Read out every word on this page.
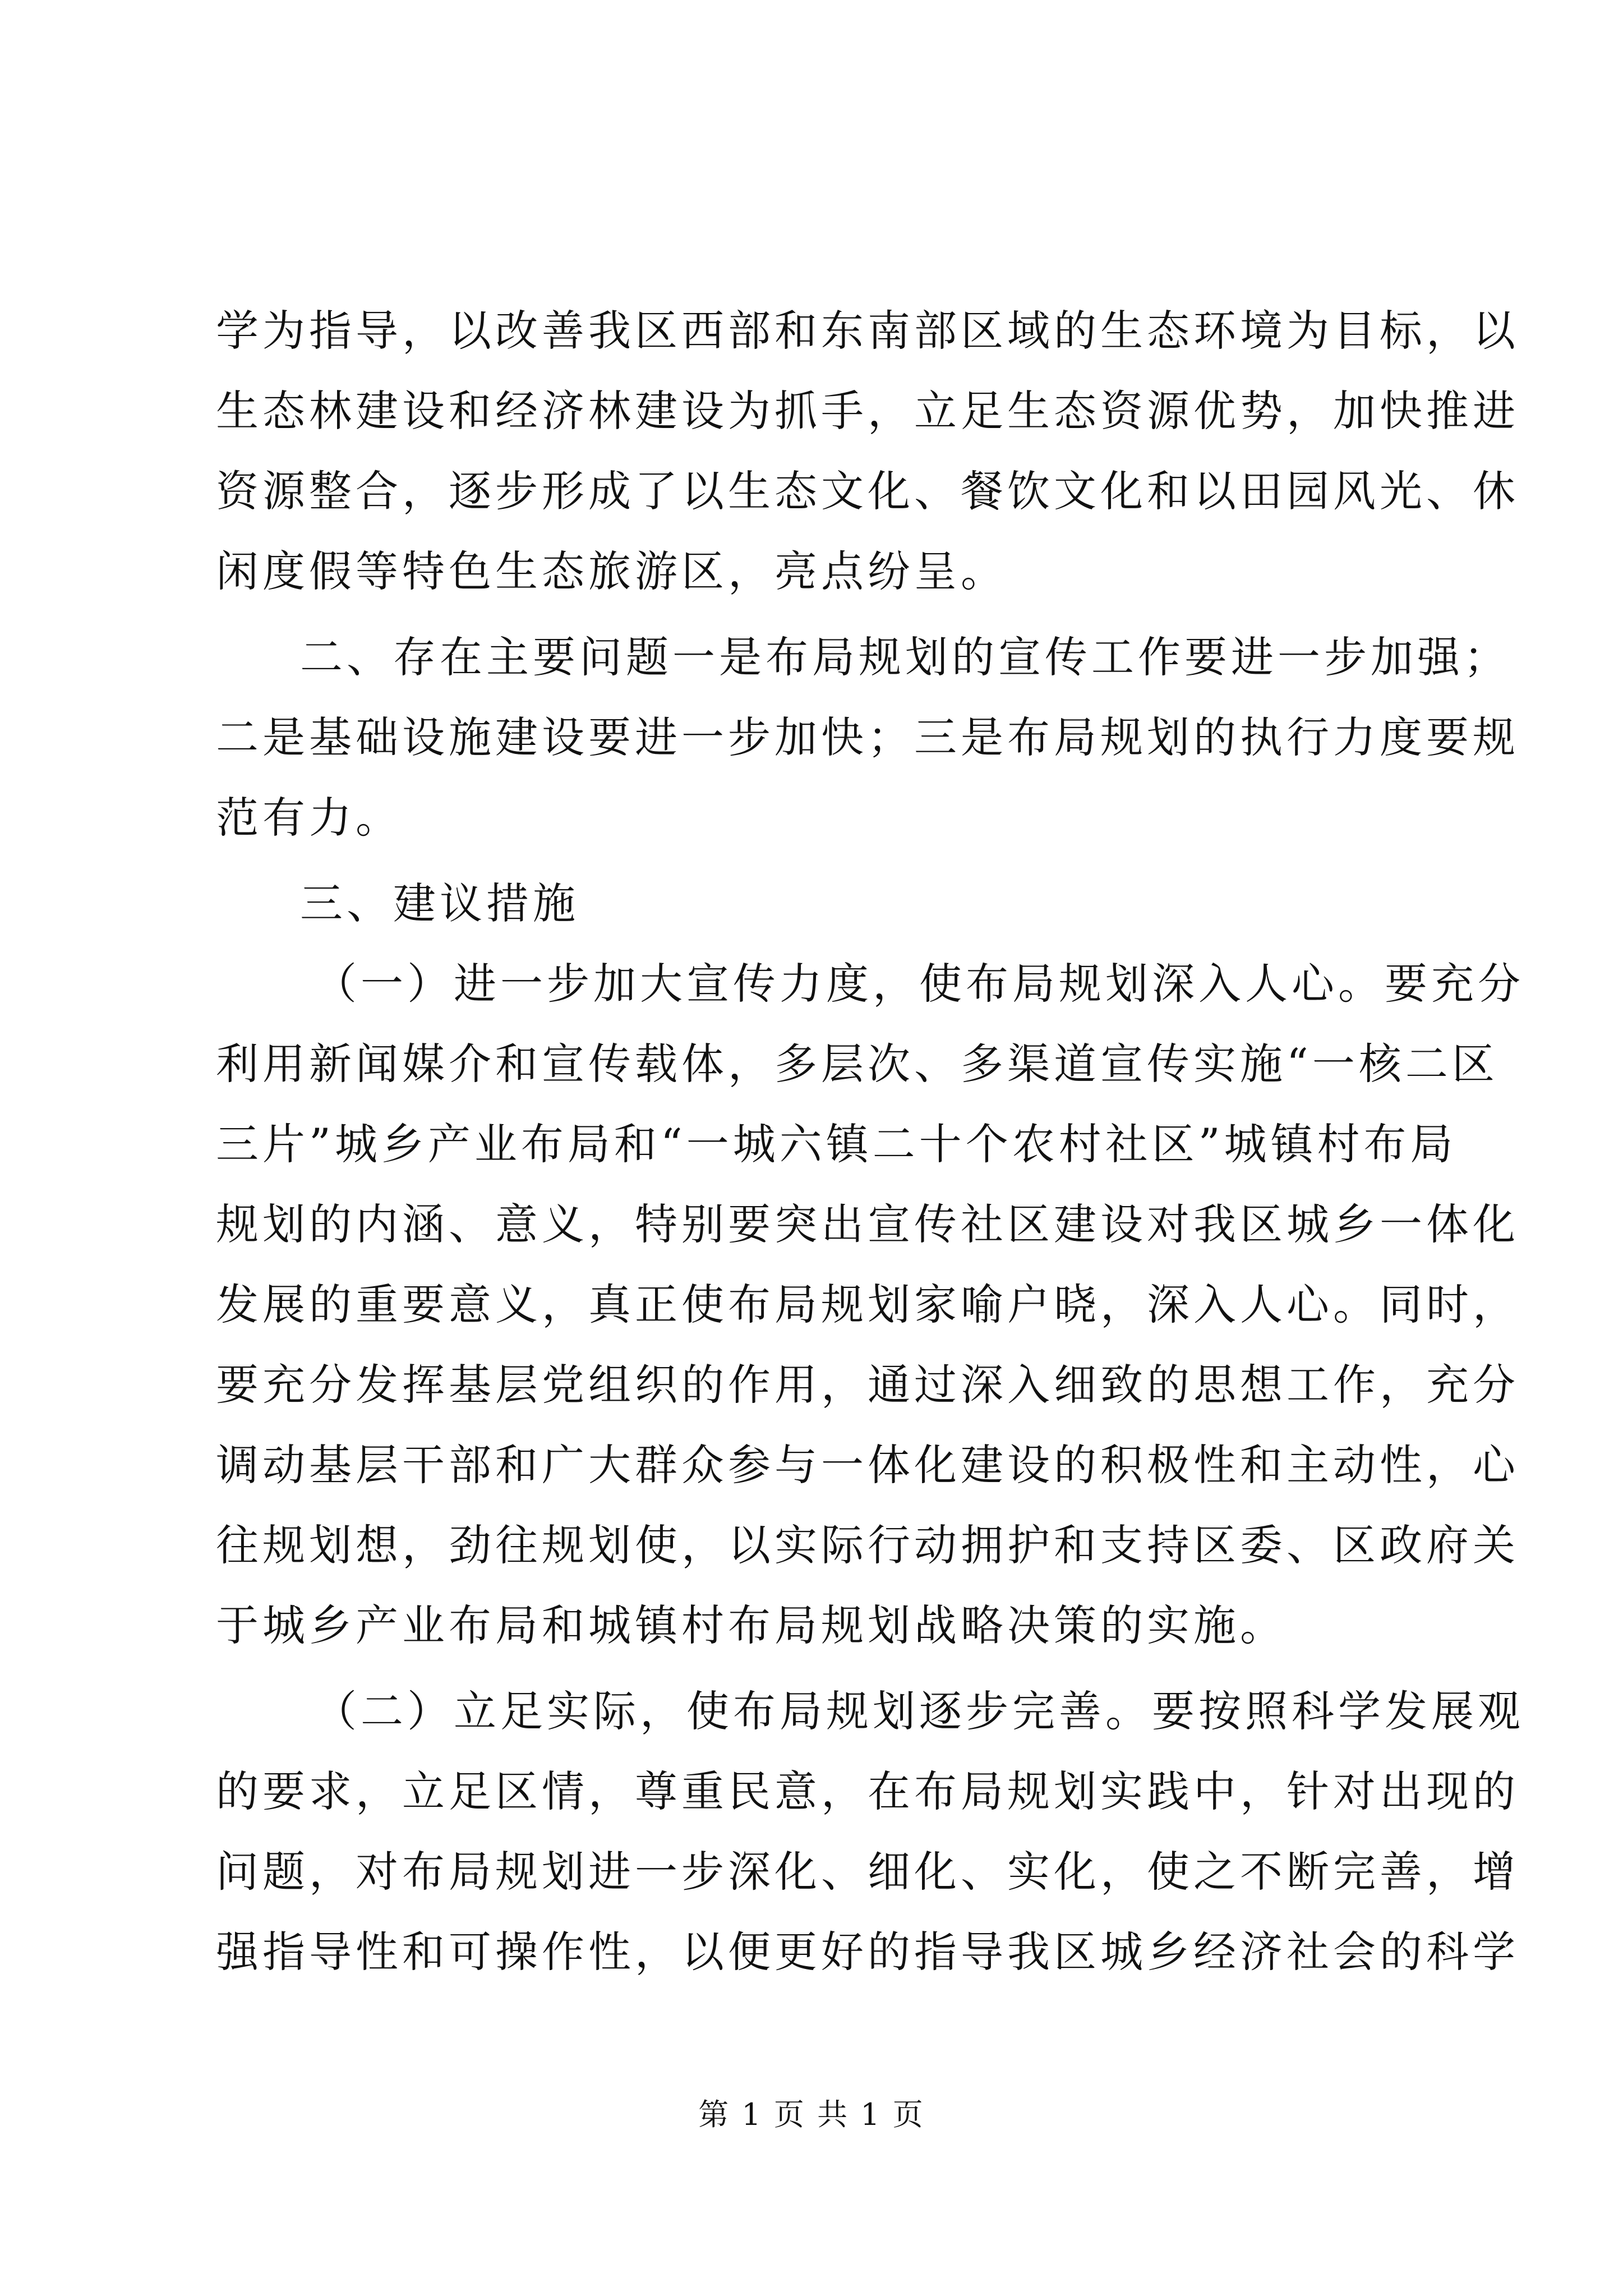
学为指导，以改善我区西部和东南部区域的生态环境为目标，以
生态林建设和经济林建设为抓手，立足生态资源优势，加快推进
资源整合，逐步形成了以生态文化、餐饮文化和以田园风光、休
闲度假等特色生态旅游区，亮点纷呈。
二、存在主要问题一是布局规划的宣传工作要进一步加强；
二是基础设施建设要进一步加快；三是布局规划的执行力度要规
范有力。
三、建议措施
（一）进一步加大宣传力度，使布局规划深入人心。要充分
利用新闻媒介和宣传载体，多层次、多渠道宣传实施“一核二区
三片”城乡产业布局和“一城六镇二十个农村社区”城镇村布局
规划的内涵、意义，特别要突出宣传社区建设对我区城乡一体化
发展的重要意义，真正使布局规划家喻户晓，深入人心。同时，
要充分发挥基层党组织的作用，通过深入细致的思想工作，充分
调动基层干部和广大群众参与一体化建设的积极性和主动性，心
往规划想，劲往规划使，以实际行动拥护和支持区委、区政府关
于城乡产业布局和城镇村布局规划战略决策的实施。
（二）立足实际，使布局规划逐步完善。要按照科学发展观
的要求，立足区情，尊重民意，在布局规划实践中，针对出现的
问题，对布局规划进一步深化、细化、实化，使之不断完善，增
强指导性和可操作性，以便更好的指导我区城乡经济社会的科学
第 1 页 共 1 页
